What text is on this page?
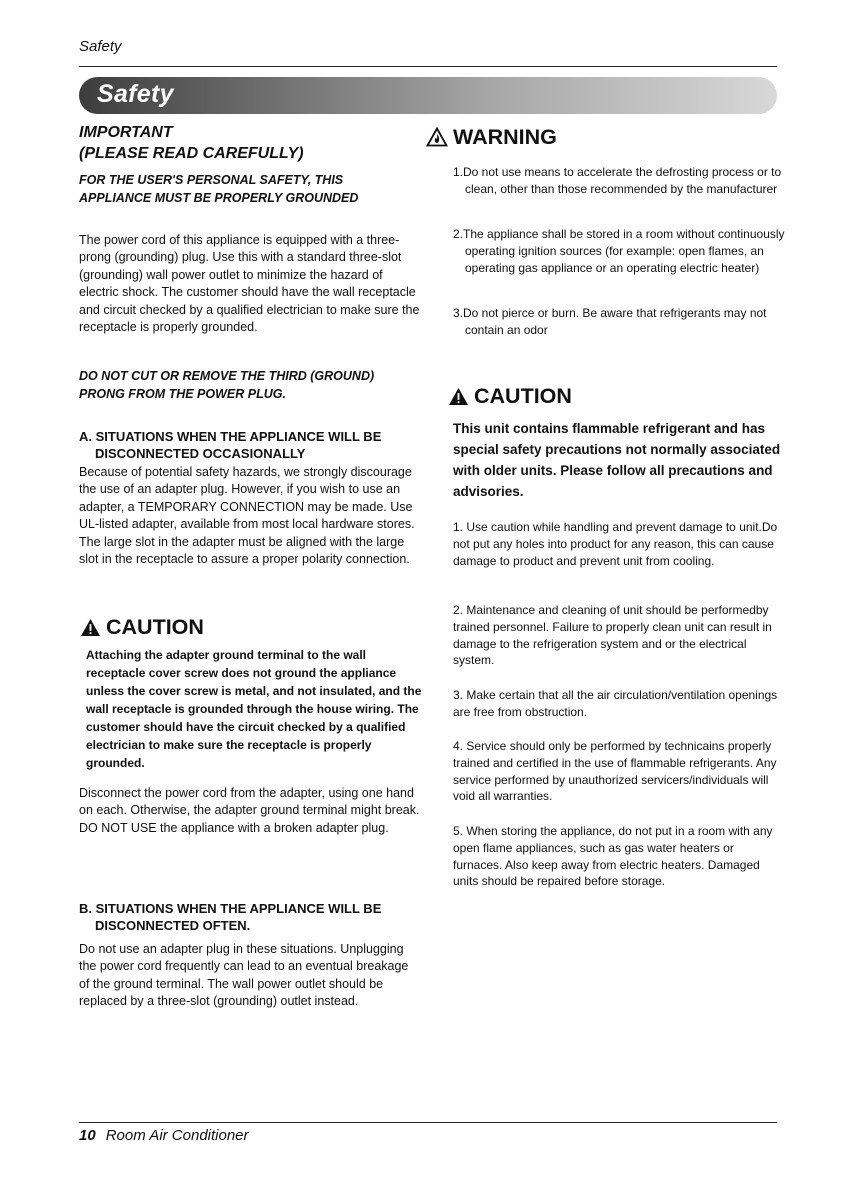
Safety
Safety
IMPORTANT
(PLEASE READ CAREFULLY)
FOR THE USER'S PERSONAL SAFETY, THIS
APPLIANCE MUST BE PROPERLY GROUNDED
The power cord of this appliance is equipped with a three-prong (grounding) plug. Use this with a standard three-slot (grounding) wall power outlet to minimize the hazard of electric shock. The customer should have the wall receptacle and circuit checked by a qualified electrician to make sure the receptacle is properly grounded.
DO NOT CUT OR REMOVE THE THIRD (GROUND)
PRONG FROM THE POWER PLUG.
A. SITUATIONS WHEN THE APPLIANCE WILL BE
DISCONNECTED OCCASIONALLY
Because of potential safety hazards, we strongly discourage the use of an adapter plug. However, if you wish to use an adapter, a TEMPORARY CONNECTION may be made. Use UL-listed adapter, available from most local hardware stores.
The large slot in the adapter must be aligned with the large slot in the receptacle to assure a proper polarity connection.
CAUTION
Attaching the adapter ground terminal to the wall receptacle cover screw does not ground the appliance unless the cover screw is metal, and not insulated, and the wall receptacle is grounded through the house wiring. The customer should have the circuit checked by a qualified electrician to make sure the receptacle is properly grounded.
Disconnect the power cord from the adapter, using one hand on each. Otherwise, the adapter ground terminal might break. DO NOT USE the appliance with a broken adapter plug.
B. SITUATIONS WHEN THE APPLIANCE WILL BE
DISCONNECTED OFTEN.
Do not use an adapter plug in these situations. Unplugging the power cord frequently can lead to an eventual breakage of the ground terminal. The wall power outlet should be replaced by a three-slot (grounding) outlet instead.
WARNING
1.Do not use means to accelerate the defrosting process or to clean, other than those recommended by the manufacturer
2.The appliance shall be stored in a room without continuously operating ignition sources (for example: open flames, an operating gas appliance or an operating electric heater)
3.Do not pierce or burn. Be aware that refrigerants may not contain an odor
CAUTION
This unit contains flammable refrigerant and has special safety precautions not normally associated with older units. Please follow all precautions and advisories.
1. Use caution while handling and prevent damage to unit.Do not put any holes into product for any reason, this can cause damage to product and prevent unit from cooling.
2. Maintenance and cleaning of unit should be performedby trained personnel. Failure to properly clean unit can result in damage to the refrigeration system and or the electrical system.
3. Make certain that all the air circulation/ventilation openings are free from obstruction.
4. Service should only be performed by technicains properly trained and certified in the use of flammable refrigerants. Any service performed by unauthorized servicers/individuals will void all warranties.
5. When storing the appliance, do not put in a room with any open flame appliances, such as gas water heaters or furnaces. Also keep away from electric heaters. Damaged units should be repaired before storage.
10 Room Air Conditioner
